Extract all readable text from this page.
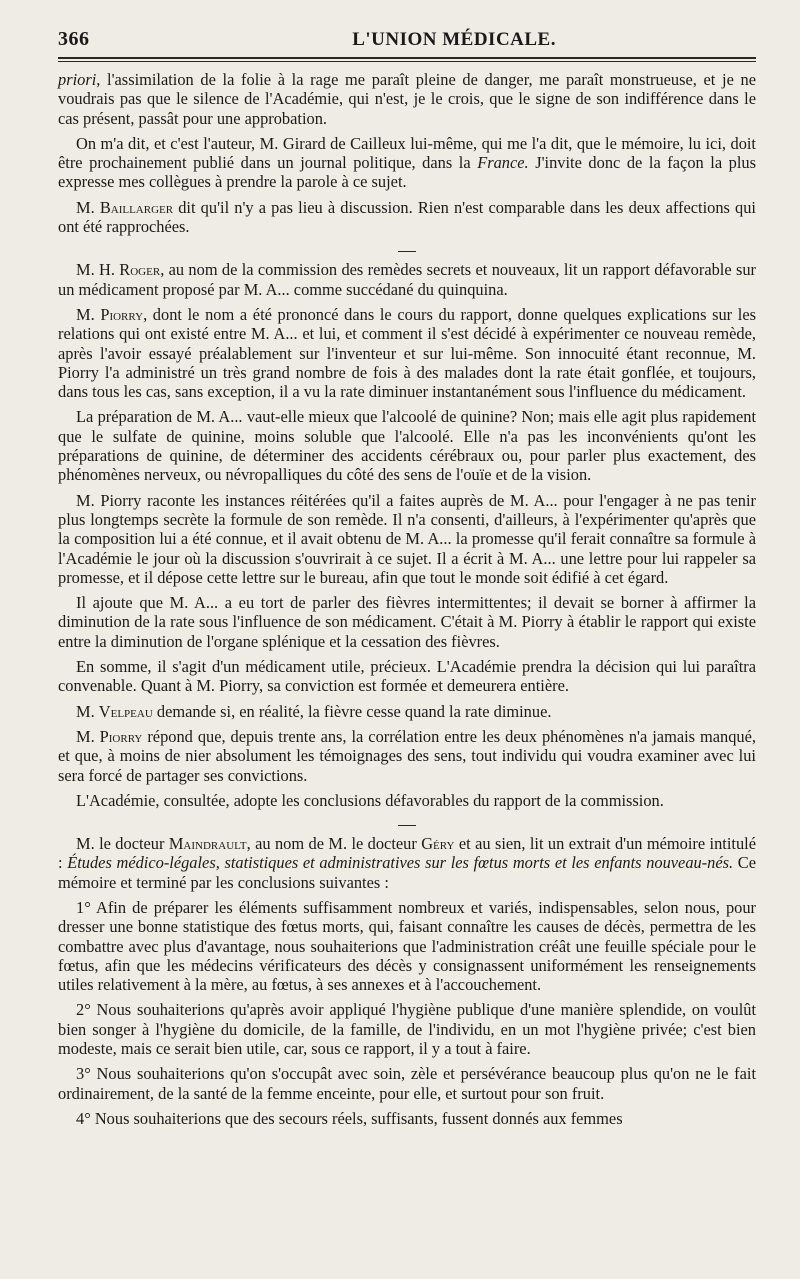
366	L'UNION MÉDICALE.

priori, l'assimilation de la folie à la rage me paraît pleine de danger, me paraît monstrueuse, et je ne voudrais pas que le silence de l'Académie, qui n'est, je le crois, que le signe de son indifférence dans le cas présent, passât pour une approbation.

On m'a dit, et c'est l'auteur, M. Girard de Cailleux lui-même, qui me l'a dit, que le mémoire, lu ici, doit être prochainement publié dans un journal politique, dans la France. J'invite donc de la façon la plus expresse mes collègues à prendre la parole à ce sujet.

M. Baillarger dit qu'il n'y a pas lieu à discussion. Rien n'est comparable dans les deux affections qui ont été rapprochées.

M. H. Roger, au nom de la commission des remèdes secrets et nouveaux, lit un rapport défavorable sur un médicament proposé par M. A... comme succédané du quinquina.

M. Piorry, dont le nom a été prononcé dans le cours du rapport, donne quelques explications sur les relations qui ont existé entre M. A... et lui, et comment il s'est décidé à expérimenter ce nouveau remède, après l'avoir essayé préalablement sur l'inventeur et sur lui-même. Son innocuité étant reconnue, M. Piorry l'a administré un très grand nombre de fois à des malades dont la rate était gonflée, et toujours, dans tous les cas, sans exception, il a vu la rate diminuer instantanément sous l'influence du médicament.

La préparation de M. A... vaut-elle mieux que l'alcoolé de quinine? Non; mais elle agit plus rapidement que le sulfate de quinine, moins soluble que l'alcoolé. Elle n'a pas les inconvénients qu'ont les préparations de quinine, de déterminer des accidents cérébraux ou, pour parler plus exactement, des phénomènes nerveux, ou névropalliques du côté des sens de l'ouïe et de la vision.

M. Piorry raconte les instances réitérées qu'il a faites auprès de M. A... pour l'engager à ne pas tenir plus longtemps secrète la formule de son remède. Il n'a consenti, d'ailleurs, à l'expérimenter qu'après que la composition lui a été connue, et il avait obtenu de M. A... la promesse qu'il ferait connaître sa formule à l'Académie le jour où la discussion s'ouvrirait à ce sujet. Il a écrit à M. A... une lettre pour lui rappeler sa promesse, et il dépose cette lettre sur le bureau, afin que tout le monde soit édifié à cet égard.

Il ajoute que M. A... a eu tort de parler des fièvres intermittentes; il devait se borner à affirmer la diminution de la rate sous l'influence de son médicament. C'était à M. Piorry à établir le rapport qui existe entre la diminution de l'organe splénique et la cessation des fièvres.

En somme, il s'agit d'un médicament utile, précieux. L'Académie prendra la décision qui lui paraîtra convenable. Quant à M. Piorry, sa conviction est formée et demeurera entière.

M. Velpeau demande si, en réalité, la fièvre cesse quand la rate diminue.

M. Piorry répond que, depuis trente ans, la corrélation entre les deux phénomènes n'a jamais manqué, et que, à moins de nier absolument les témoignages des sens, tout individu qui voudra examiner avec lui sera forcé de partager ses convictions.

L'Académie, consultée, adopte les conclusions défavorables du rapport de la commission.

M. le docteur Maindrault, au nom de M. le docteur Géry et au sien, lit un extrait d'un mémoire intitulé : Études médico-légales, statistiques et administratives sur les fœtus morts et les enfants nouveau-nés. Ce mémoire et terminé par les conclusions suivantes :

1° Afin de préparer les éléments suffisamment nombreux et variés, indispensables, selon nous, pour dresser une bonne statistique des fœtus morts, qui, faisant connaître les causes de décès, permettra de les combattre avec plus d'avantage, nous souhaiterions que l'administration créât une feuille spéciale pour le fœtus, afin que les médecins vérificateurs des décès y consignassent uniformément les renseignements utiles relativement à la mère, au fœtus, à ses annexes et à l'accouchement.

2° Nous souhaiterions qu'après avoir appliqué l'hygiène publique d'une manière splendide, on voulût bien songer à l'hygiène du domicile, de la famille, de l'individu, en un mot l'hygiène privée; c'est bien modeste, mais ce serait bien utile, car, sous ce rapport, il y a tout à faire.

3° Nous souhaiterions qu'on s'occupât avec soin, zèle et persévérance beaucoup plus qu'on ne le fait ordinairement, de la santé de la femme enceinte, pour elle, et surtout pour son fruit.

4° Nous souhaiterions que des secours réels, suffisants, fussent donnés aux femmes
